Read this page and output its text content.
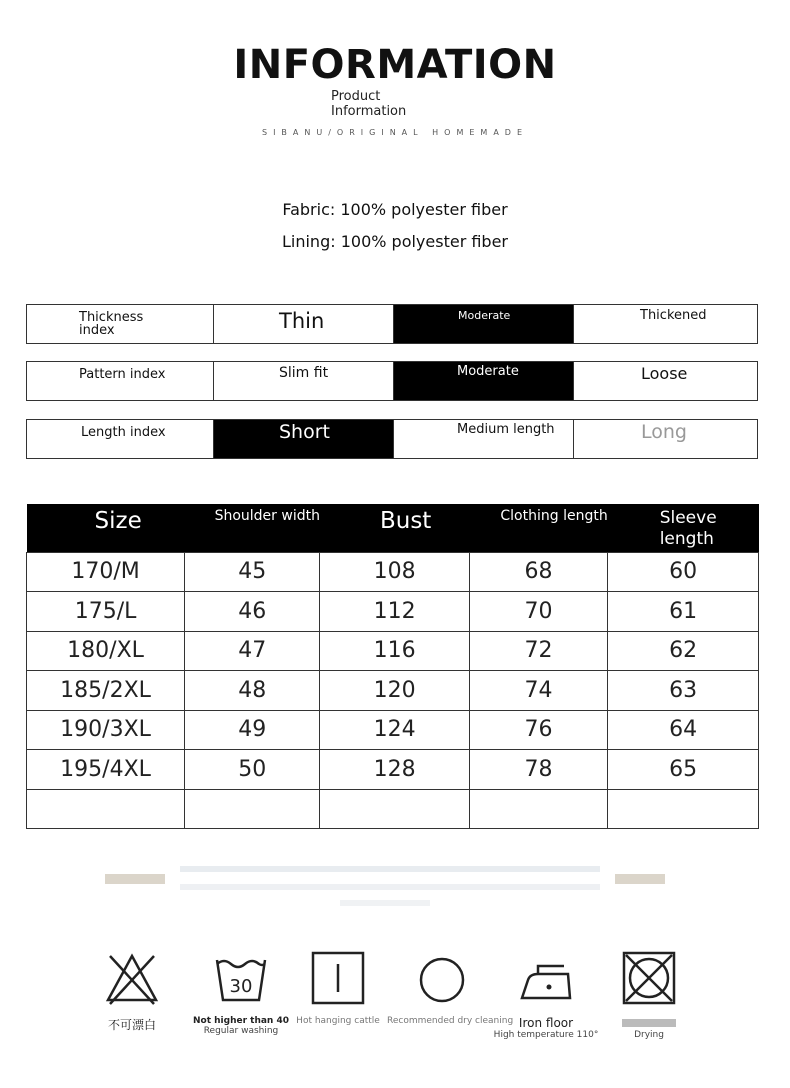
INFORMATION
Product
Information
SIBANU/ORIGINAL HOMEMADE
Fabric: 100% polyester fiber
Lining: 100% polyester fiber
Thickness index	Thin	Moderate	Thickened
Pattern index	Slim fit	Moderate	Loose
Length index	Short	Medium length	Long
Size	Shoulder width	Bust	Clothing length	Sleeve length

170/M	45	108	68	60
175/L	46	112	70	61
180/XL	47	116	72	62
185/2XL	48	120	74	63
190/3XL	49	124	76	64
195/4XL	50	128	78	65

不可漂白
30
Not higher than 40
Regular washing
Hot hanging cattle Recommended dry cleaning Iron floor
High temperature 110°	Drying
